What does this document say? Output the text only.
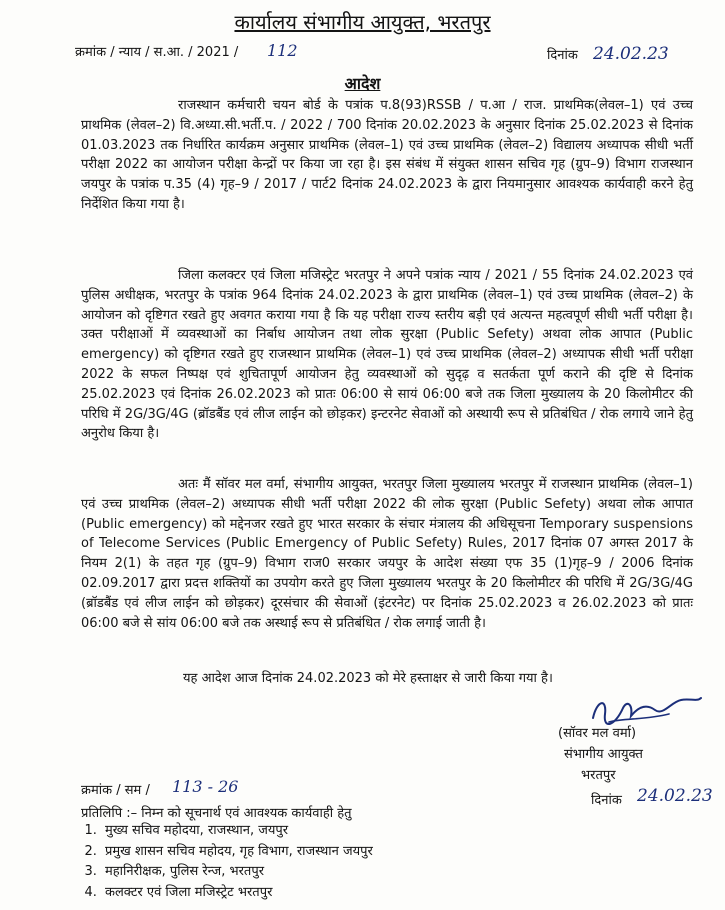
कार्यालय संभागीय आयुक्त, भरतपुर
क्रमांक / न्याय / स.आ. / 2021 / 112	दिनांक 24.02.23
आदेश

राजस्थान कर्मचारी चयन बोर्ड के पत्रांक प.8(93)RSSB / प.आ / राज. प्राथमिक(लेवल–1) एवं उच्च प्राथमिक (लेवल–2) वि.अध्या.सी.भर्ती.प. / 2022 / 700 दिनांक 20.02.2023 के अनुसार दिनांक 25.02.2023 से दिनांक 01.03.2023 तक निर्धारित कार्यक्रम अनुसार प्राथमिक (लेवल–1) एवं उच्च प्राथमिक (लेवल–2) विद्यालय अध्यापक सीधी भर्ती परीक्षा 2022 का आयोजन परीक्षा केन्द्रों पर किया जा रहा है। इस संबंध में संयुक्त शासन सचिव गृह (ग्रुप–9) विभाग राजस्थान जयपुर के पत्रांक प.35 (4) गृह–9 / 2017 / पार्ट2 दिनांक 24.02.2023 के द्वारा नियमानुसार आवश्यक कार्यवाही करने हेतु निर्देशित किया गया है।

जिला कलक्टर एवं जिला मजिस्ट्रेट भरतपुर ने अपने पत्रांक न्याय / 2021 / 55 दिनांक 24.02.2023 एवं पुलिस अधीक्षक, भरतपुर के पत्रांक 964 दिनांक 24.02.2023 के द्वारा प्राथमिक (लेवल–1) एवं उच्च प्राथमिक (लेवल–2) के आयोजन को दृष्टिगत रखते हुए अवगत कराया गया है कि यह परीक्षा राज्य स्तरीय बड़ी एवं अत्यन्त महत्वपूर्ण सीधी भर्ती परीक्षा है। उक्त परीक्षाओं में व्यवस्थाओं का निर्बाध आयोजन तथा लोक सुरक्षा (Public Sefety) अथवा लोक आपात (Public emergency) को दृष्टिगत रखते हुए राजस्थान प्राथमिक (लेवल–1) एवं उच्च प्राथमिक (लेवल–2) अध्यापक सीधी भर्ती परीक्षा 2022 के सफल निष्पक्ष एवं शुचितापूर्ण आयोजन हेतु व्यवस्थाओं को सुदृढ़ व सतर्कता पूर्ण कराने की दृष्टि से दिनांक 25.02.2023 एवं दिनांक 26.02.2023 को प्रातः 06:00 से सायं 06:00 बजे तक जिला मुख्यालय के 20 किलोमीटर की परिधि में 2G/3G/4G (ब्रॉडबैंड एवं लीज लाईन को छोड़कर) इन्टरनेट सेवाओं को अस्थायी रूप से प्रतिबंधित / रोक लगाये जाने हेतु अनुरोध किया है।

अतः मैं सॉवर मल वर्मा, संभागीय आयुक्त, भरतपुर जिला मुख्यालय भरतपुर में राजस्थान प्राथमिक (लेवल–1) एवं उच्च प्राथमिक (लेवल–2) अध्यापक सीधी भर्ती परीक्षा 2022 की लोक सुरक्षा (Public Sefety) अथवा लोक आपात (Public emergency) को मद्देनजर रखते हुए भारत सरकार के संचार मंत्रालय की अधिसूचना Temporary suspensions of Telecome Services (Public Emergency of Public Sefety) Rules, 2017 दिनांक 07 अगस्त 2017 के नियम 2(1) के तहत गृह (ग्रुप–9) विभाग राज0 सरकार जयपुर के आदेश संख्या एफ 35 (1)गृह–9 / 2006 दिनांक 02.09.2017 द्वारा प्रदत्त शक्तियों का उपयोग करते हुए जिला मुख्यालय भरतपुर के 20 किलोमीटर की परिधि में 2G/3G/4G (ब्रॉडबैंड एवं लीज लाईन को छोड़कर) दूरसंचार की सेवाओं (इंटरनेट) पर दिनांक 25.02.2023 व 26.02.2023 को प्रातः 06:00 बजे से सांय 06:00 बजे तक अस्थाई रूप से प्रतिबंधित / रोक लगाई जाती है।

यह आदेश आज दिनांक 24.02.2023 को मेरे हस्ताक्षर से जारी किया गया है।

(सॉवर मल वर्मा)
संभागीय आयुक्त
भरतपुर
दिनांक 24.02.23
क्रमांक / सम / 113 - 26
प्रतिलिपि :– निम्न को सूचनार्थ एवं आवश्यक कार्यवाही हेतु
1. मुख्य सचिव महोदया, राजस्थान, जयपुर
2. प्रमुख शासन सचिव महोदय, गृह विभाग, राजस्थान जयपुर
3. महानिरीक्षक, पुलिस रेन्ज, भरतपुर
4. कलक्टर एवं जिला मजिस्ट्रेट भरतपुर
